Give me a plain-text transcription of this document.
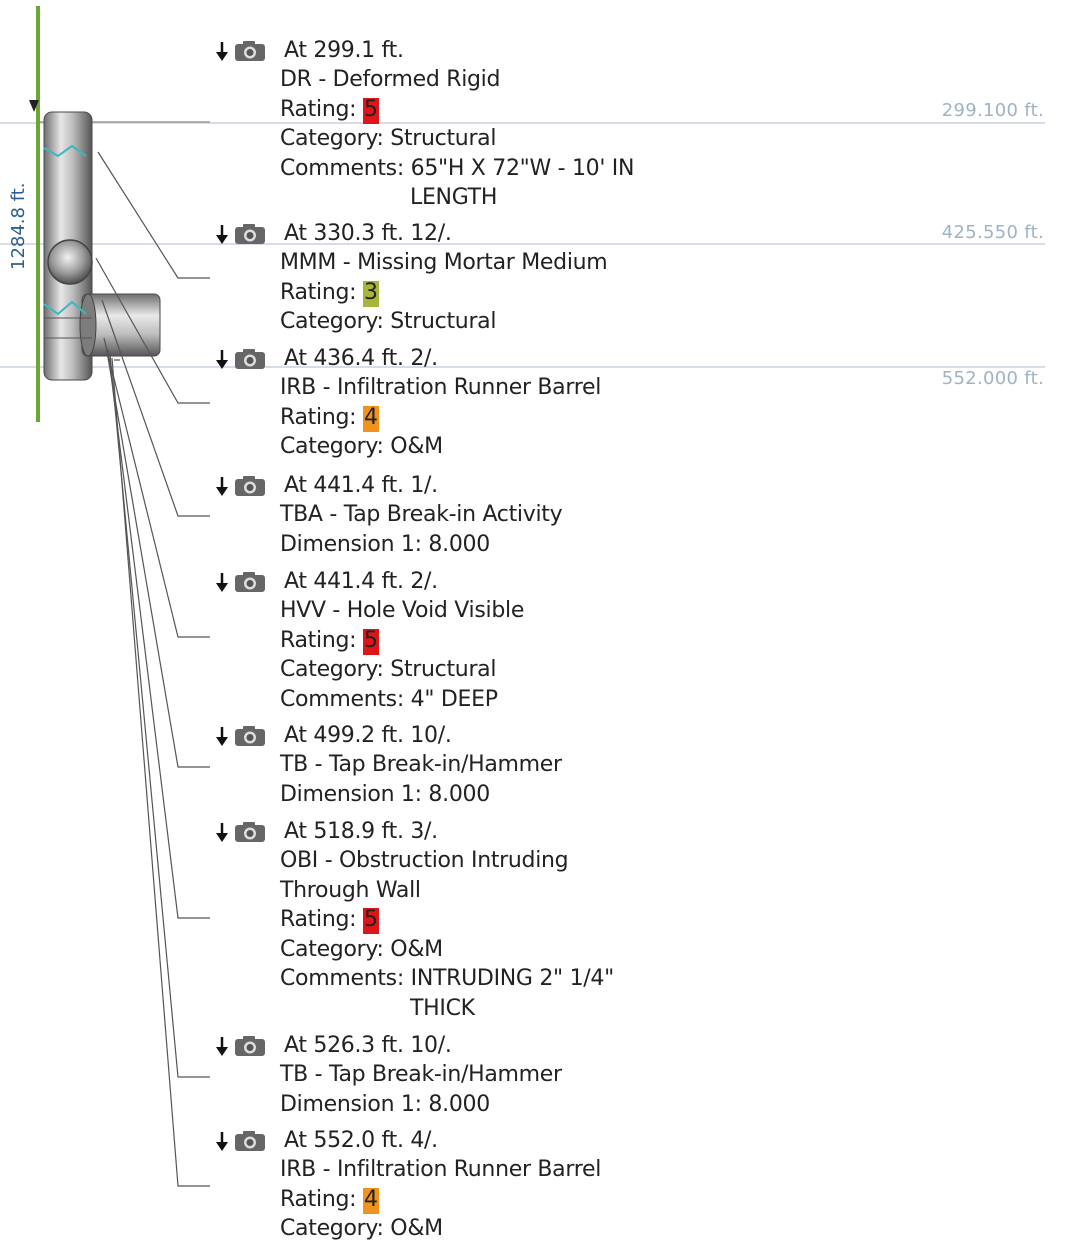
1284.8 ft.
299.100 ft.
425.550 ft.
552.000 ft.
At 299.1 ft.
DR - Deformed Rigid
Rating: 5
Category: Structural
Comments: 65"H X 72"W - 10' IN
LENGTH
At 330.3 ft. 12/.
MMM - Missing Mortar Medium
Rating: 3
Category: Structural
At 436.4 ft. 2/.
IRB - Infiltration Runner Barrel
Rating: 4
Category: O&M
At 441.4 ft. 1/.
TBA - Tap Break-in Activity
Dimension 1: 8.000
At 441.4 ft. 2/.
HVV - Hole Void Visible
Rating: 5
Category: Structural
Comments: 4" DEEP
At 499.2 ft. 10/.
TB - Tap Break-in/Hammer
Dimension 1: 8.000
At 518.9 ft. 3/.
OBI - Obstruction Intruding
Through Wall
Rating: 5
Category: O&M
Comments: INTRUDING 2" 1/4"
THICK
At 526.3 ft. 10/.
TB - Tap Break-in/Hammer
Dimension 1: 8.000
At 552.0 ft. 4/.
IRB - Infiltration Runner Barrel
Rating: 4
Category: O&M
